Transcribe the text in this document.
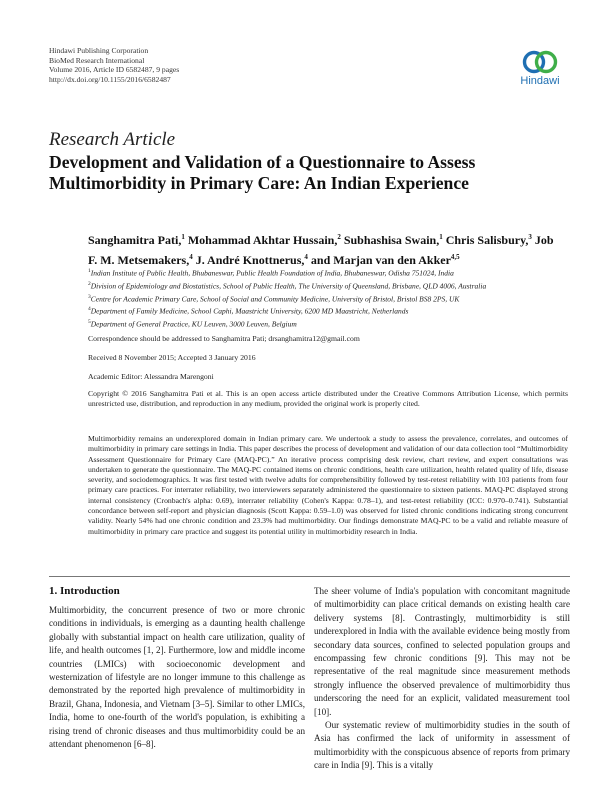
Hindawi Publishing Corporation
BioMed Research International
Volume 2016, Article ID 6582487, 9 pages
http://dx.doi.org/10.1155/2016/6582487	Hindawi
Research Article
Development and Validation of a Questionnaire to Assess Multimorbidity in Primary Care: An Indian Experience
Sanghamitra Pati,$^1$ Mohammad Akhtar Hussain,$^2$ Subhashisa Swain,$^1$ Chris Salisbury,$^3$ Job F. M. Metsemakers,$^4$ J. André Knottnerus,$^4$ and Marjan van den Akker$^{4,5}$
$^1$Indian Institute of Public Health, Bhubaneswar, Public Health Foundation of India, Bhubaneswar, Odisha 751024, India
$^2$Division of Epidemiology and Biostatistics, School of Public Health, The University of Queensland, Brisbane, QLD 4006, Australia
$^3$Centre for Academic Primary Care, School of Social and Community Medicine, University of Bristol, Bristol BS8 2PS, UK
$^4$Department of Family Medicine, School Caphi, Maastricht University, 6200 MD Maastricht, Netherlands
$^5$Department of General Practice, KU Leuven, 3000 Leuven, Belgium
Correspondence should be addressed to Sanghamitra Pati; drsanghamitra12@gmail.com
Received 8 November 2015; Accepted 3 January 2016
Academic Editor: Alessandra Marengoni
Copyright © 2016 Sanghamitra Pati et al. This is an open access article distributed under the Creative Commons Attribution License, which permits unrestricted use, distribution, and reproduction in any medium, provided the original work is properly cited.
Multimorbidity remains an underexplored domain in Indian primary care. We undertook a study to assess the prevalence, correlates, and outcomes of multimorbidity in primary care settings in India. This paper describes the process of development and validation of our data collection tool “Multimorbidity Assessment Questionnaire for Primary Care (MAQ-PC).” An iterative process comprising desk review, chart review, and expert consultations was undertaken to generate the questionnaire. The MAQ-PC contained items on chronic conditions, health care utilization, health related quality of life, disease severity, and sociodemographics. It was first tested with twelve adults for comprehensibility followed by test-retest reliability with 103 patients from four primary care practices. For interrater reliability, two interviewers separately administered the questionnaire to sixteen patients. MAQ-PC displayed strong internal consistency (Cronbach's alpha: 0.69), interrater reliability (Cohen's Kappa: 0.78–1), and test-retest reliability (ICC: 0.970–0.741). Substantial concordance between self-report and physician diagnosis (Scott Kappa: 0.59–1.0) was observed for listed chronic conditions indicating strong concurrent validity. Nearly 54% had one chronic condition and 23.3% had multimorbidity. Our findings demonstrate MAQ-PC to be a valid and reliable measure of multimorbidity in primary care practice and suggest its potential utility in multimorbidity research in India.
1. Introduction

Multimorbidity, the concurrent presence of two or more chronic conditions in individuals, is emerging as a daunting health challenge globally with substantial impact on health care utilization, quality of life, and health outcomes [1, 2]. Furthermore, low and middle income countries (LMICs) with socioeconomic development and westernization of lifestyle are no longer immune to this challenge as demonstrated by the reported high prevalence of multimorbidity in Brazil, Ghana, Indonesia, and Vietnam [3–5]. Similar to other LMICs, India, home to one-fourth of the world's population, is exhibiting a rising trend of chronic diseases and thus multimorbidity could be an attendant phenomenon [6–8].

The sheer volume of India's population with concomitant magnitude of multimorbidity can place critical demands on existing health care delivery systems [8]. Contrastingly, multimorbidity is still underexplored in India with the available evidence being mostly from secondary data sources, confined to selected population groups and encompassing few chronic conditions [9]. This may not be representative of the real magnitude since measurement methods strongly influence the observed prevalence of multimorbidity thus underscoring the need for an explicit, validated measurement tool [10].

Our systematic review of multimorbidity studies in the south of Asia has confirmed the lack of uniformity in assessment of multimorbidity with the conspicuous absence of reports from primary care in India [9]. This is a vitally
